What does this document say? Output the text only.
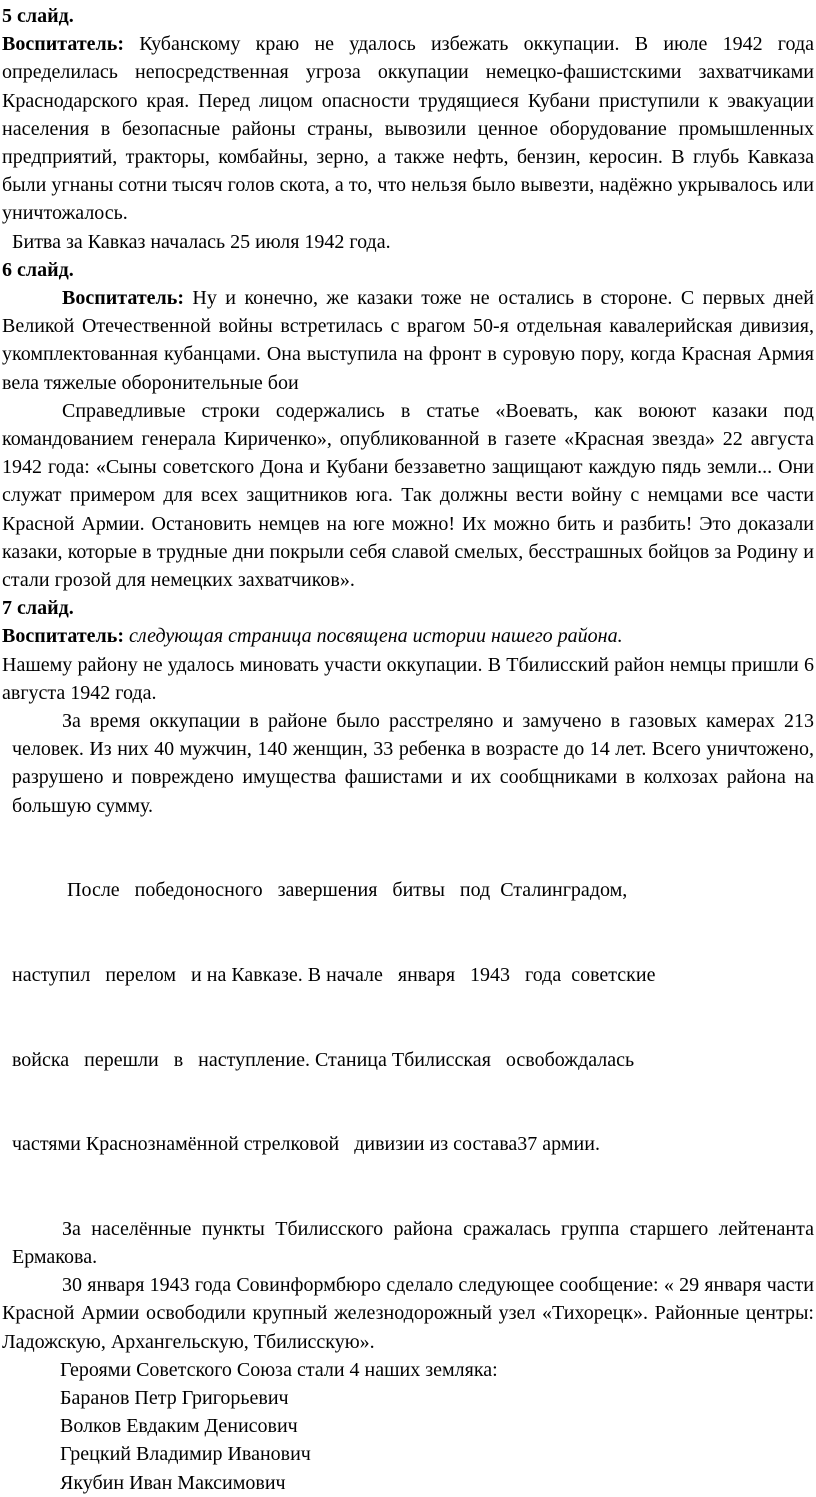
5 слайд.

Воспитатель: Кубанскому краю не удалось избежать оккупации. В июле 1942 года определилась непосредственная угроза оккупации немецко-фашистскими захватчиками Краснодарского края. Перед лицом опасности трудящиеся Кубани приступили к эвакуации населения в безопасные районы страны, вывозили ценное оборудование промышленных предприятий, тракторы, комбайны, зерно, а также нефть, бензин, керосин. В глубь Кавказа были угнаны сотни тысяч голов скота, а то, что нельзя было вывезти, надёжно укрывалось или уничтожалось.

Битва за Кавказ началась 25 июля 1942 года.

6 слайд.

Воспитатель: Ну и конечно, же казаки тоже не остались в стороне. С первых дней Великой Отечественной войны встретилась с врагом 50-я отдельная кавалерийская дивизия, укомплектованная кубанцами. Она выступила на фронт в суровую пору, когда Красная Армия вела тяжелые оборонительные бои

Справедливые строки содержались в статье «Воевать, как воюют казаки под командованием генерала Кириченко», опубликованной в газете «Красная звезда» 22 августа 1942 года: «Сыны советского Дона и Кубани беззаветно защищают каждую пядь земли... Они служат примером для всех защитников юга. Так должны вести войну с немцами все части Красной Армии. Остановить немцев на юге можно! Их можно бить и разбить! Это доказали казаки, которые в трудные дни покрыли себя славой смелых, бесстрашных бойцов за Родину и стали грозой для немецких захватчиков».

7 слайд.

Воспитатель: следующая страница посвящена истории нашего района.

Нашему району не удалось миновать участи оккупации. В Тбилисский район немцы пришли 6 августа 1942 года.

За время оккупации в районе было расстреляно и замучено в газовых камерах 213 человек. Из них 40 мужчин, 140 женщин, 33 ребенка в возрасте до 14 лет. Всего уничтожено, разрушено и повреждено имущества фашистами и их сообщниками в колхозах района на большую сумму.

После   победоносного   завершения   битвы   под  Сталинградом,

наступил   перелом   и на Кавказе. В начале   января   1943   года  советские

войска   перешли   в   наступление. Станица Тбилисская   освобождалась

частями Краснознамённой стрелковой   дивизии из состава37 армии.

За населённые пункты Тбилисского района сражалась группа старшего лейтенанта Ермакова.

30 января 1943 года Совинформбюро сделало следующее сообщение: « 29 января части Красной Армии освободили крупный железнодорожный узел «Тихорецк». Районные центры: Ладожскую, Архангельскую, Тбилисскую».

Героями Советского Союза стали 4 наших земляка:

Баранов Петр Григорьевич
Волков Евдаким Денисович
Грецкий Владимир Иванович
Якубин Иван Максимович
